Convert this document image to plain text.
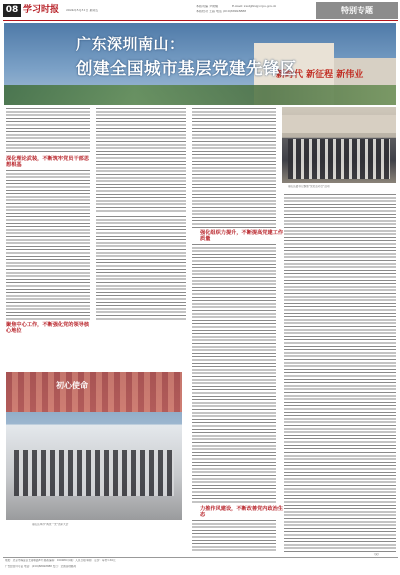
08 学习时报 2024年5月31日 星期五
本版责编 尹建楠	E-mail: xxsbjfzx@ccps.gov.cn
本版校对 王超 电话 (010)68928888	特别专题
新时代 新征程 新伟业
广东深圳南山：
创建全国城市基层党建先锋区
深化理论武装，不断筑牢党员干部思想根基
聚焦中心工作，不断强化党的领导核心地位
强化组织力提升，不断提高党建工作质量
南山区委书记参加“党员活动日”活动
（完）
初心使命
南山区举办“两优一先”表彰大会
力推作风建设，不断改善党内政治生态
地址：北京市海淀区长春桥路6号 邮政编码：100089 印刷：人民日报印刷厂 定价：每份1.50元
广告经营许可证 电话：(010)68928888 发行：全国各地邮局
